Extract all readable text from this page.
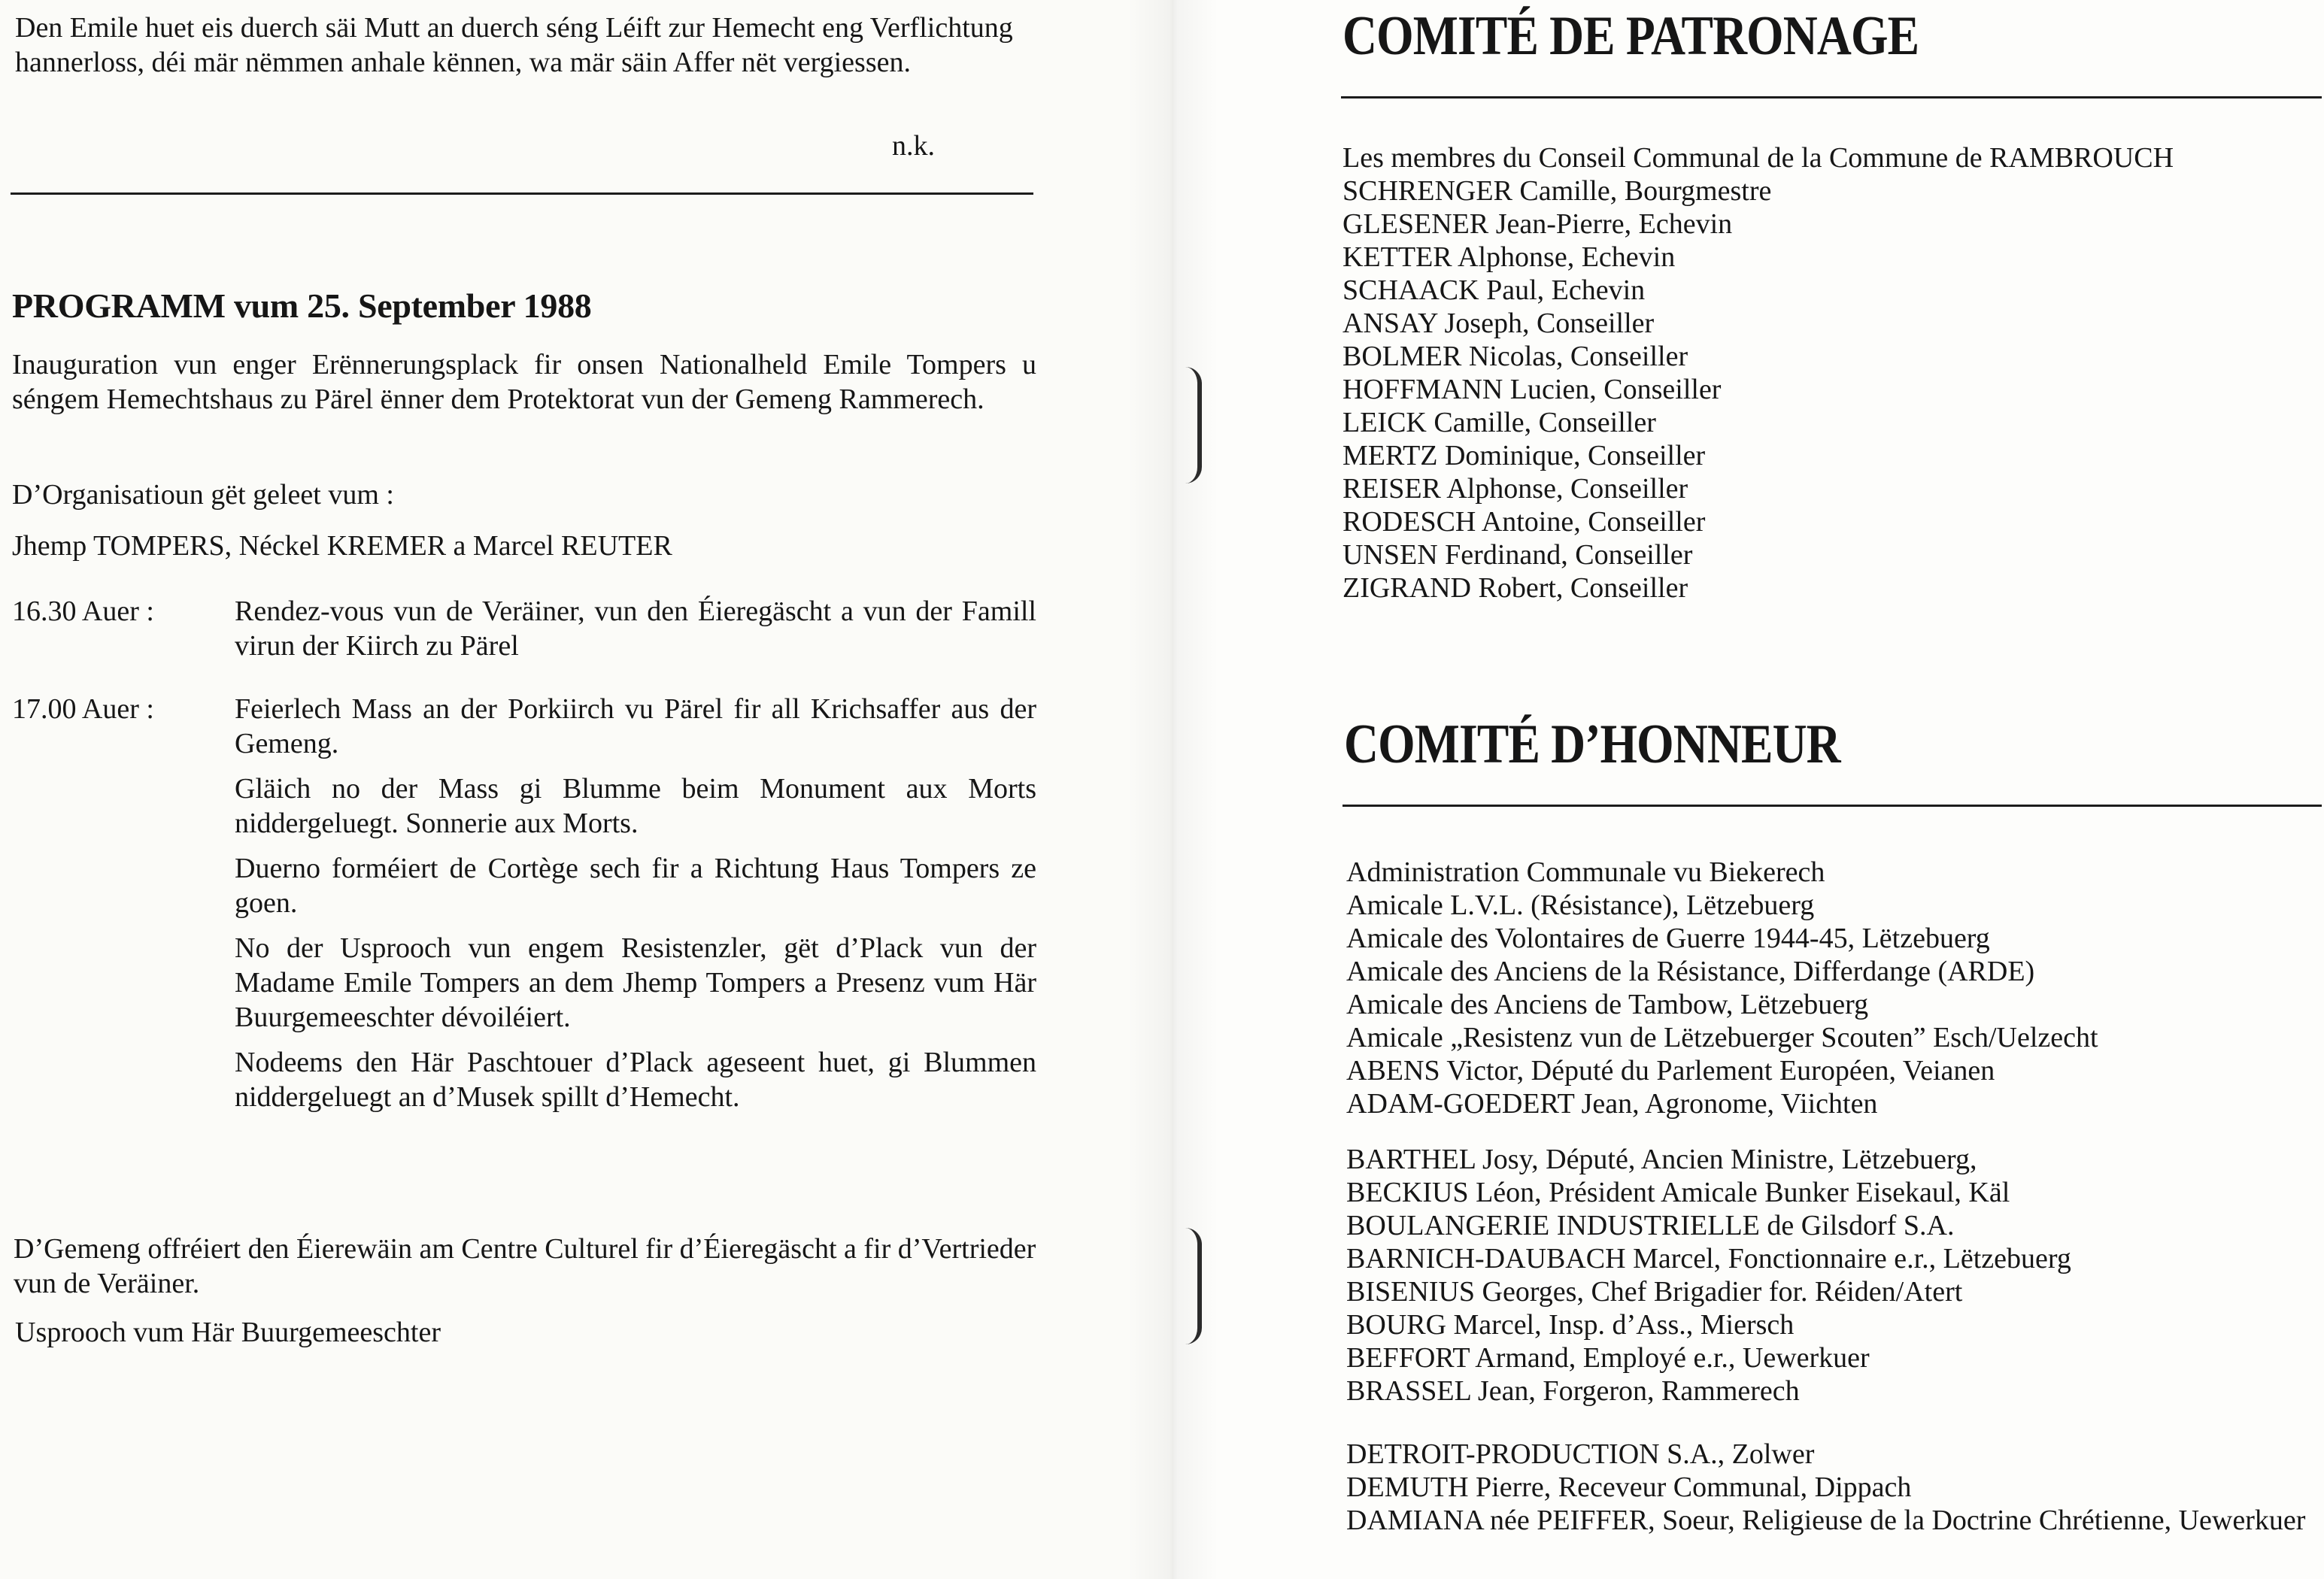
Den Emile huet eis duerch säi Mutt an duerch séng Léift zur Hemecht eng Verflichtung hannerloss, déi mär nëmmen anhale kënnen, wa mär säin Affer nët vergiessen.

n.k.
PROGRAMM vum 25. September 1988
Inauguration vun enger Erënnerungsplack fir onsen Nationalheld Emile Tompers u séngem Hemechtshaus zu Pärel ënner dem Protektorat vun der Gemeng Rammerech.
D’Organisatioun gët geleet vum :
Jhemp TOMPERS, Néckel KREMER a Marcel REUTER
16.30 Auer :	Rendez-vous vun de Veräiner, vun den Éieregäscht a vun der Famill virun der Kiirch zu Pärel

17.00 Auer :	Feierlech Mass an der Porkiirch vu Pärel fir all Krichsaffer aus der Gemeng.

Gläich no der Mass gi Blumme beim Monument aux Morts niddergeluegt. Sonnerie aux Morts.

Duerno forméiert de Cortège sech fir a Richtung Haus Tompers ze goen.

No der Usprooch vun engem Resistenzler, gët d’Plack vun der Madame Emile Tompers an dem Jhemp Tompers a Presenz vum Här Buurgemeeschter dévoiléiert.

Nodeems den Här Paschtouer d’Plack ageseent huet, gi Blummen niddergeluegt an d’Musek spillt d’Hemecht.

D’Gemeng offréiert den Éierewäin am Centre Culturel fir d’Éieregäscht a fir d’Vertrieder vun de Veräiner.

Usprooch vum Här Buurgemeeschter
COMITÉ DE PATRONAGE
Les membres du Conseil Communal de la Commune de RAMBROUCH
SCHRENGER Camille, Bourgmestre
GLESENER Jean-Pierre, Echevin
KETTER Alphonse, Echevin
SCHAACK Paul, Echevin
ANSAY Joseph, Conseiller
BOLMER Nicolas, Conseiller
HOFFMANN Lucien, Conseiller
LEICK Camille, Conseiller
MERTZ Dominique, Conseiller
REISER Alphonse, Conseiller
RODESCH Antoine, Conseiller
UNSEN Ferdinand, Conseiller
ZIGRAND Robert, Conseiller
COMITÉ D’HONNEUR
Administration Communale vu Biekerech
Amicale L.V.L. (Résistance), Lëtzebuerg
Amicale des Volontaires de Guerre 1944-45, Lëtzebuerg
Amicale des Anciens de la Résistance, Differdange (ARDE)
Amicale des Anciens de Tambow, Lëtzebuerg
Amicale „Resistenz vun de Lëtzebuerger Scouten” Esch/Uelzecht
ABENS Victor, Député du Parlement Européen, Veianen
ADAM-GOEDERT Jean, Agronome, Viichten
BARTHEL Josy, Député, Ancien Ministre, Lëtzebuerg,
BECKIUS Léon, Président Amicale Bunker Eisekaul, Käl
BOULANGERIE INDUSTRIELLE de Gilsdorf S.A.
BARNICH-DAUBACH Marcel, Fonctionnaire e.r., Lëtzebuerg
BISENIUS Georges, Chef Brigadier for. Réiden/Atert
BOURG Marcel, Insp. d’Ass., Miersch
BEFFORT Armand, Employé e.r., Uewerkuer
BRASSEL Jean, Forgeron, Rammerech
DETROIT-PRODUCTION S.A., Zolwer
DEMUTH Pierre, Receveur Communal, Dippach
DAMIANA née PEIFFER, Soeur, Religieuse de la Doctrine Chrétienne, Uewerkuer
